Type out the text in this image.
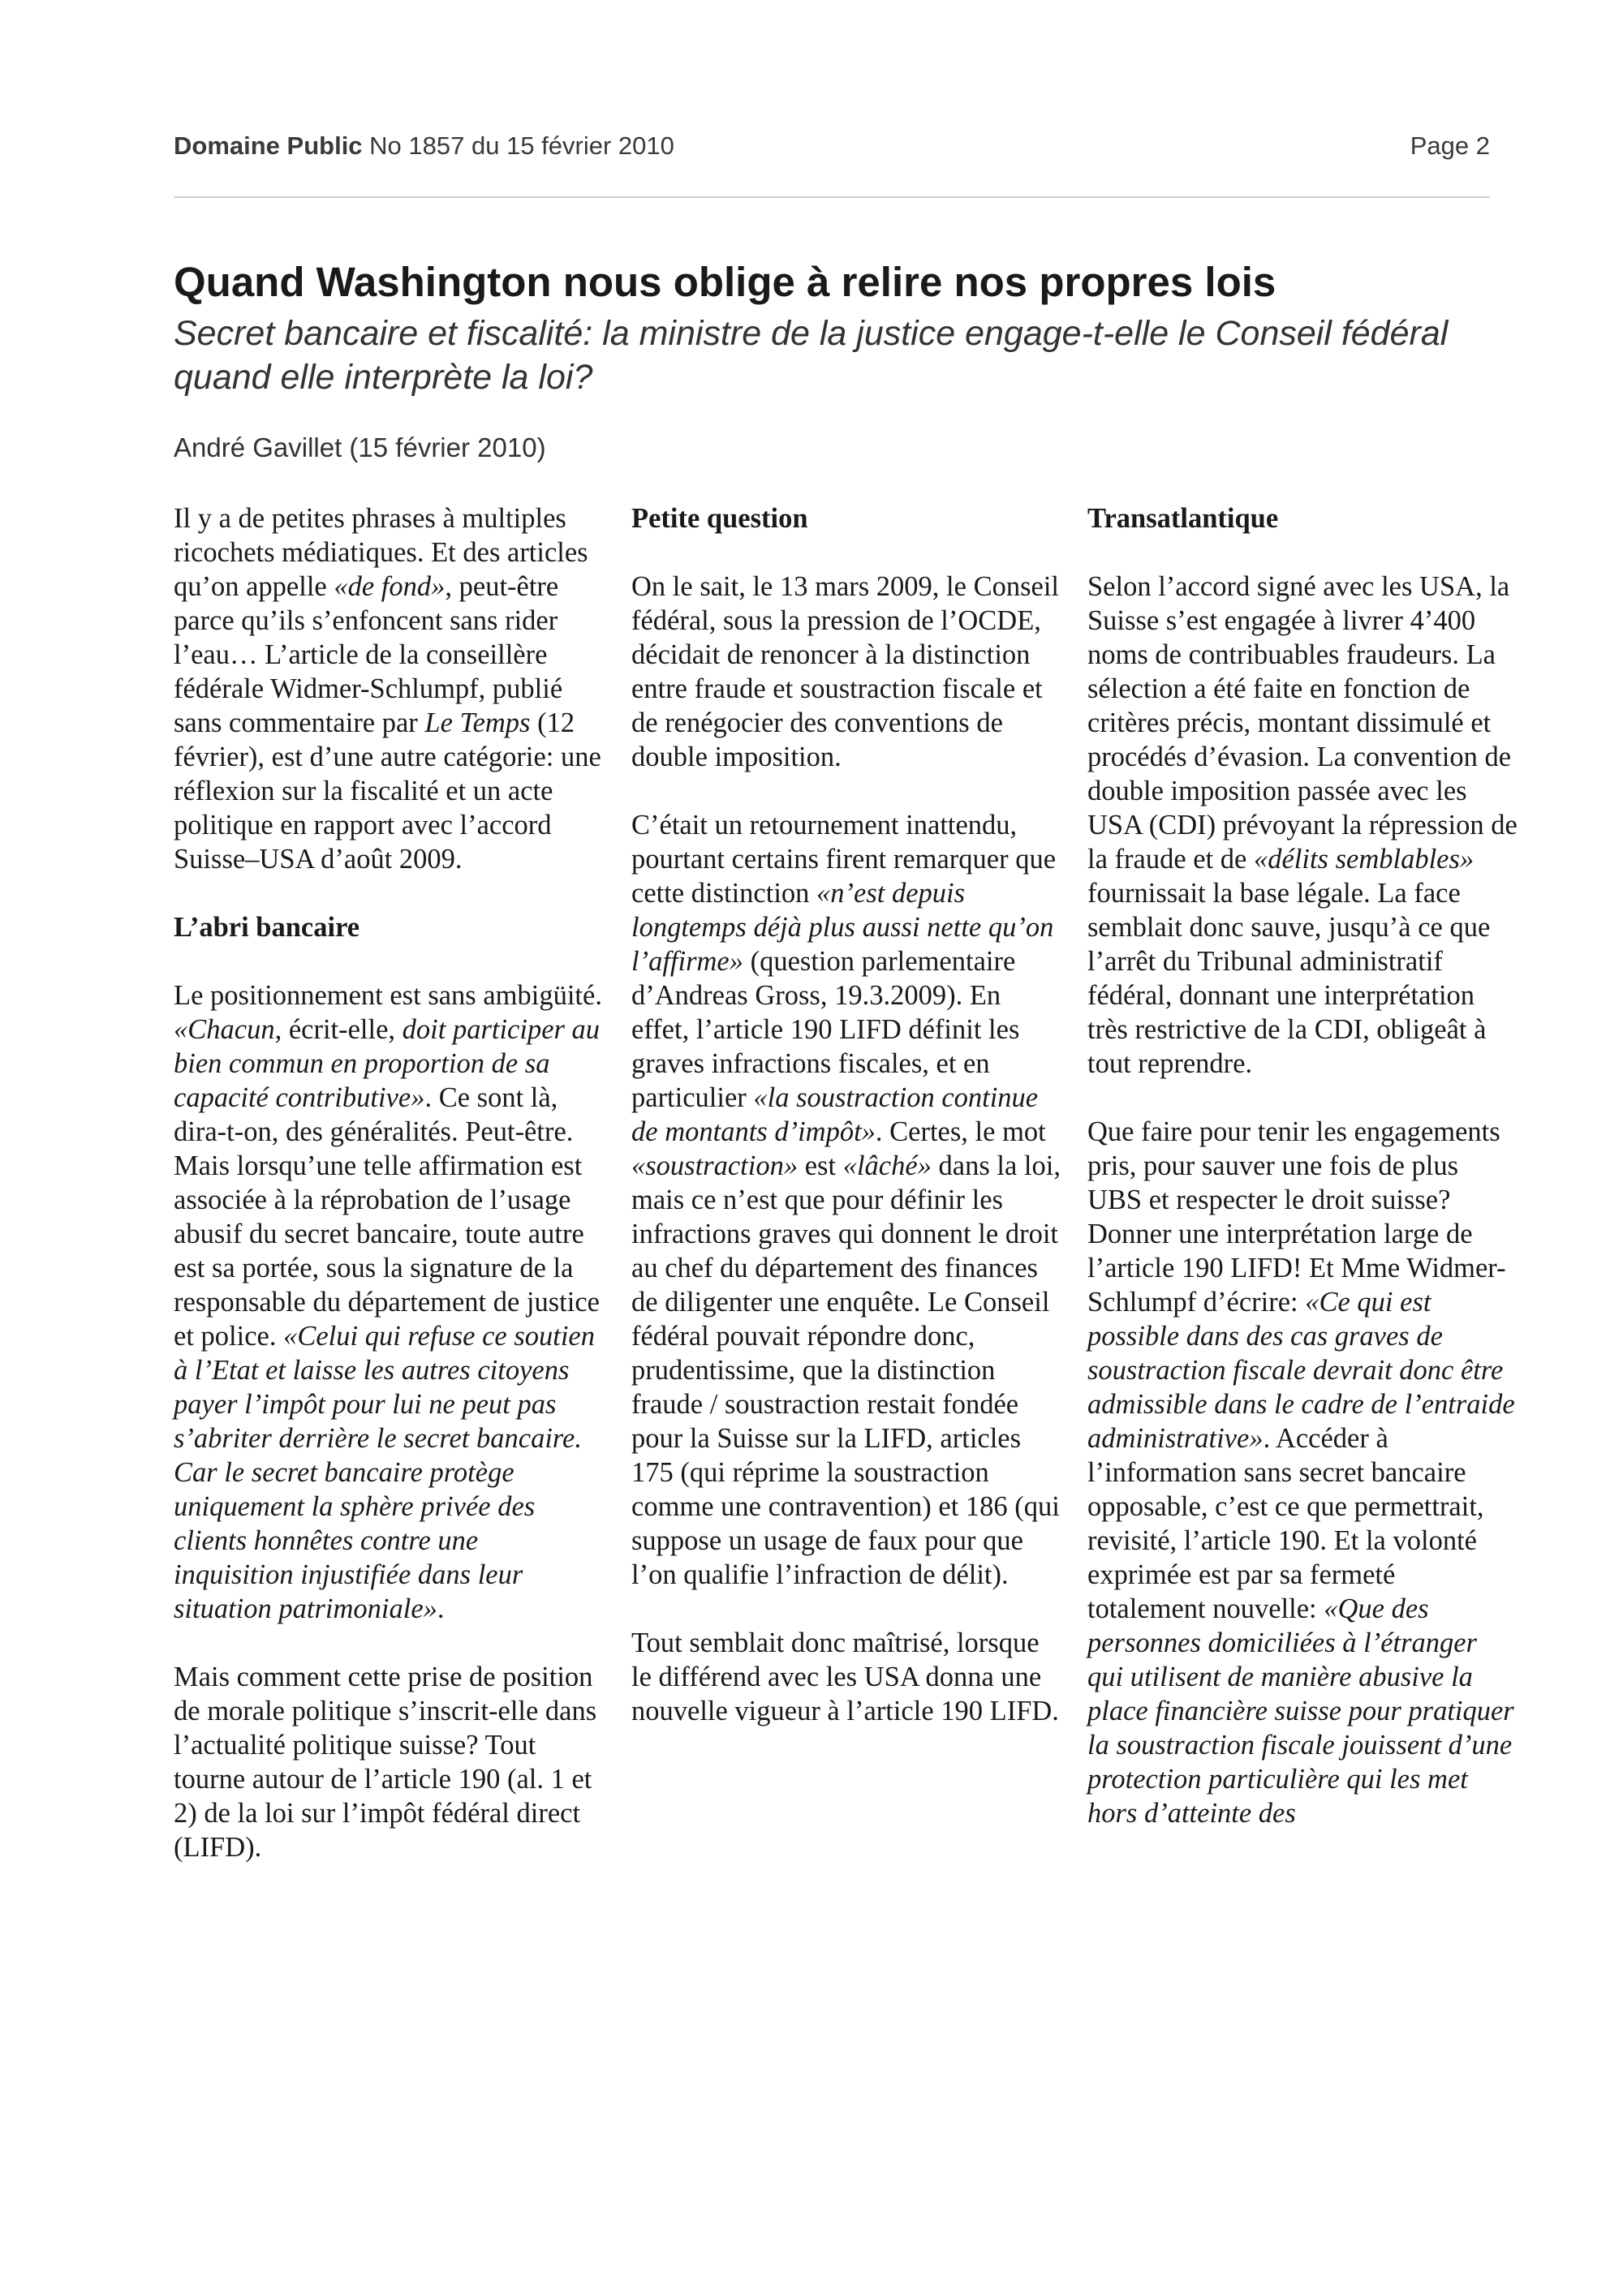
Domaine Public No 1857 du 15 février 2010	Page 2
Quand Washington nous oblige à relire nos propres lois
Secret bancaire et fiscalité: la ministre de la justice engage-t-elle le Conseil fédéral quand elle interprète la loi?
André Gavillet (15 février 2010)

Il y a de petites phrases à multiples ricochets médiatiques. Et des articles qu’on appelle «de fond», peut-être parce qu’ils s’enfoncent sans rider l’eau… L’article de la conseillère fédérale Widmer-Schlumpf, publié sans commentaire par Le Temps (12 février), est d’une autre catégorie: une réflexion sur la fiscalité et un acte politique en rapport avec l’accord Suisse–USA d’août 2009.

L’abri bancaire

Le positionnement est sans ambigüité. «Chacun, écrit-elle, doit participer au bien commun en proportion de sa capacité contributive». Ce sont là, dira-t-on, des généralités. Peut-être. Mais lorsqu’une telle affirmation est associée à la réprobation de l’usage abusif du secret bancaire, toute autre est sa portée, sous la signature de la responsable du département de justice et police. «Celui qui refuse ce soutien à l’Etat et laisse les autres citoyens payer l’impôt pour lui ne peut pas s’abriter derrière le secret bancaire. Car le secret bancaire protège uniquement la sphère privée des clients honnêtes contre une inquisition injustifiée dans leur situation patrimoniale».

Mais comment cette prise de position de morale politique s’inscrit-elle dans l’actualité politique suisse? Tout tourne autour de l’article 190 (al. 1 et 2) de la loi sur l’impôt fédéral direct (LIFD).

Petite question

On le sait, le 13 mars 2009, le Conseil fédéral, sous la pression de l’OCDE, décidait de renoncer à la distinction entre fraude et soustraction fiscale et de renégocier des conventions de double imposition.

C’était un retournement inattendu, pourtant certains firent remarquer que cette distinction «n’est depuis longtemps déjà plus aussi nette qu’on l’affirme» (question parlementaire d’Andreas Gross, 19.3.2009). En effet, l’article 190 LIFD définit les graves infractions fiscales, et en particulier «la soustraction continue de montants d’impôt». Certes, le mot «soustraction» est «lâché» dans la loi, mais ce n’est que pour définir les infractions graves qui donnent le droit au chef du département des finances de diligenter une enquête. Le Conseil fédéral pouvait répondre donc, prudentissime, que la distinction fraude / soustraction restait fondée pour la Suisse sur la LIFD, articles 175 (qui réprime la soustraction comme une contravention) et 186 (qui suppose un usage de faux pour que l’on qualifie l’infraction de délit).

Tout semblait donc maîtrisé, lorsque le différend avec les USA donna une nouvelle vigueur à l’article 190 LIFD.

Transatlantique

Selon l’accord signé avec les USA, la Suisse s’est engagée à livrer 4’400 noms de contribuables fraudeurs. La sélection a été faite en fonction de critères précis, montant dissimulé et procédés d’évasion. La convention de double imposition passée avec les USA (CDI) prévoyant la répression de la fraude et de «délits semblables» fournissait la base légale. La face semblait donc sauve, jusqu’à ce que l’arrêt du Tribunal administratif fédéral, donnant une interprétation très restrictive de la CDI, obligeât à tout reprendre.

Que faire pour tenir les engagements pris, pour sauver une fois de plus UBS et respecter le droit suisse? Donner une interprétation large de l’article 190 LIFD! Et Mme Widmer-Schlumpf d’écrire: «Ce qui est possible dans des cas graves de soustraction fiscale devrait donc être admissible dans le cadre de l’entraide administrative». Accéder à l’information sans secret bancaire opposable, c’est ce que permettrait, revisité, l’article 190. Et la volonté exprimée est par sa fermeté totalement nouvelle: «Que des personnes domiciliées à l’étranger qui utilisent de manière abusive la place financière suisse pour pratiquer la soustraction fiscale jouissent d’une protection particulière qui les met hors d’atteinte des
